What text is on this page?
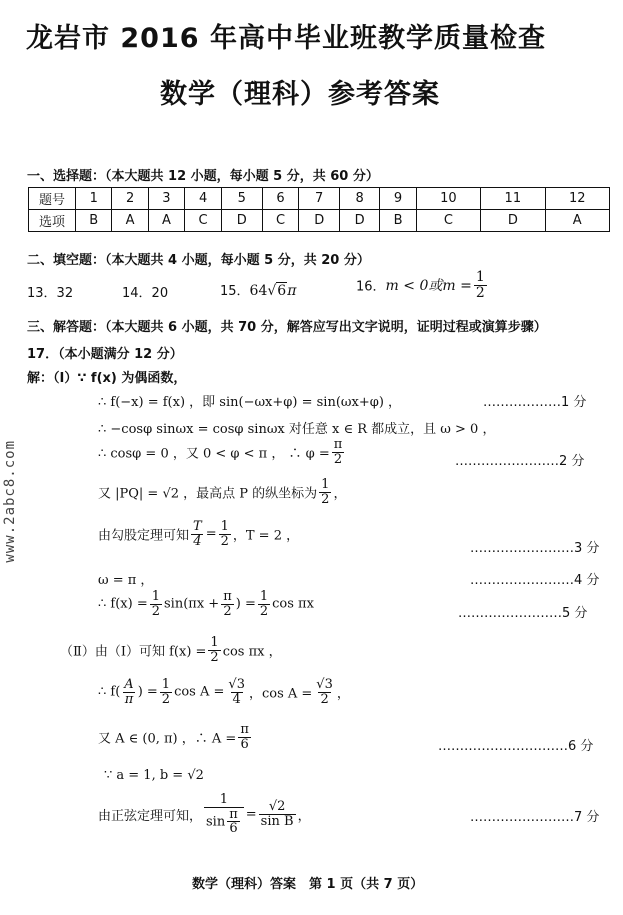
龙岩市 2016 年高中毕业班教学质量检查
数学（理科）参考答案
一、选择题：（本大题共 12 小题，每小题 5 分，共 60 分）
题号	1	2	3	4	5	6	7	8	9	10	11	12
选项	B	A	A	C	D	C	D	D	B	C	D	A
二、填空题：（本大题共 4 小题，每小题 5 分，共 20 分）
13．32	14．20	15．64√6π	16．m < 0或$m = \frac{1}{2}$
三、解答题：（本大题共 6 小题，共 70 分，解答应写出文字说明，证明过程或演算步骤）
17．（本小题满分 12 分）
解：（Ⅰ）∵ f(x) 为偶函数，
∴ f(−x) = f(x) ，即 sin(−ωx+φ) = sin(ωx+φ) ，	………………1 分
∴ −cosφ sinωx = cosφ sinωx 对任意 x ∈ R 都成立，且 ω > 0 ，
∴ cosφ = 0 ，又 0 < φ < π ， ∴ $\varphi = \frac{\pi}{2}$	……………………2 分
又 |PQ| = √2 ，最高点 P 的纵坐标为 $\frac{1}{2}$ ，
由勾股定理可知 $\frac{T}{4} = \frac{1}{2}$ ，T = 2 ，
……………………3 分
ω = π ，	……………………4 分
∴ $f(x) = \frac{1}{2} \sin(\pi x + \frac{\pi}{2}$ ) = $\frac{1}{2}$ cos πx
……………………5 分
（Ⅱ）由（Ⅰ）可知 $f(x) = \frac{1}{2}$ cos πx ，
∴ $f( \frac{A}{\pi}$ ) = $\frac{1}{2}$ $\cos A = \frac{√3}{4}$ ，$\cos A = \frac{√3}{2}$ ，
又 A ∈ (0, π) ，∴ $A = \frac{\pi}{6}$	…………………………6 分
∵ a = 1, b = √2
由正弦定理可知， $\frac{1}{\sin \frac{\pi}{6}} = \frac{√2}{\text{sin B}}$ ，	……………………7 分
数学（理科）答案　第 1 页（共 7 页）
www.2abc8.com
